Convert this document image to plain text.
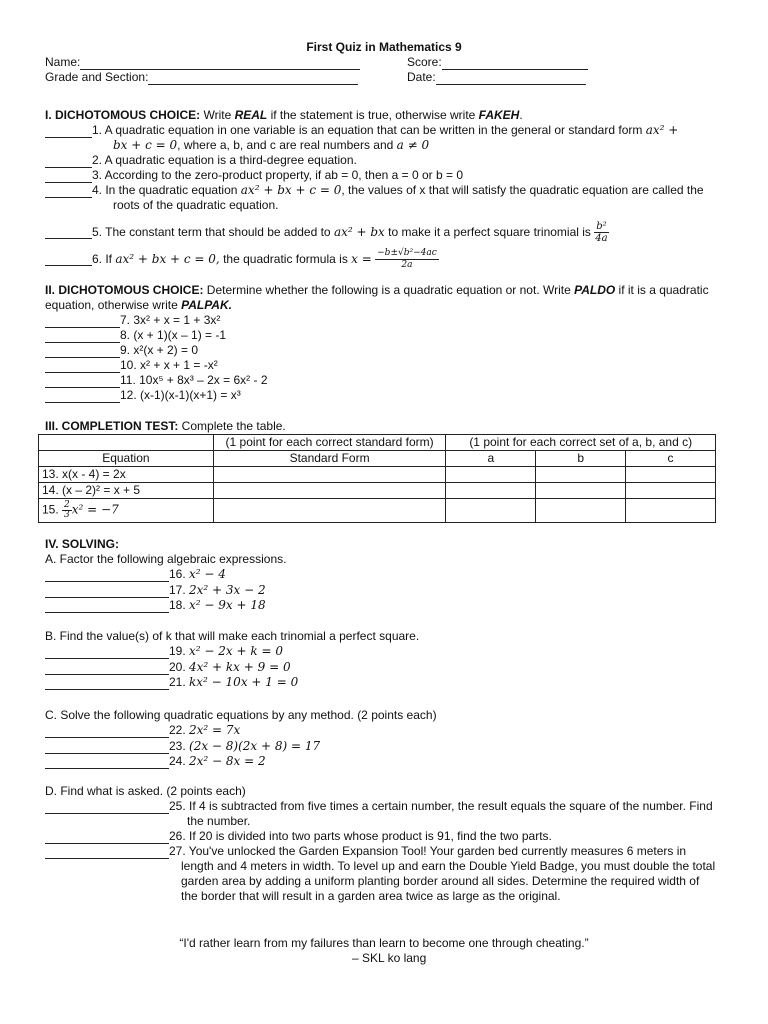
First Quiz in Mathematics 9
Name:	Score:
Grade and Section:	Date:
I. DICHOTOMOUS CHOICE: Write REAL if the statement is true, otherwise write FAKEH.
1. A quadratic equation in one variable is an equation that can be written in the general or standard form ax² +
bx + c = 0, where a, b, and c are real numbers and a ≠ 0
2. A quadratic equation is a third-degree equation.
3. According to the zero-product property, if ab = 0, then a = 0 or b = 0
4. In the quadratic equation ax² + bx + c = 0, the values of x that will satisfy the quadratic equation are called the
roots of the quadratic equation.
5. The constant term that should be added to ax² + bx to make it a perfect square trinomial is $\frac{\text{b²}}{4a}$
6. If ax² + bx + c = 0, the quadratic formula is $x = \frac{\text{−b±√b²−4ac}}{2a}$
II. DICHOTOMOUS CHOICE: Determine whether the following is a quadratic equation or not. Write PALDO if it is a quadratic
equation, otherwise write PALPAK.
7. 3x² + x = 1 + 3x²
8. (x + 1)(x – 1) = -1
9. x²(x + 2) = 0
10. x² + x + 1 = -x²
11. 10x⁵ + 8x³ – 2x = 6x² - 2
12. (x-1)(x-1)(x+1) = x³
III. COMPLETION TEST: Complete the table.
	(1 point for each correct standard form)	(1 point for each correct set of a, b, and c)		
Equation	Standard Form	a	b	c
13. x(x - 4) = 2x				
14. (x – 2)² = x + 5				
15. $\frac{2}{3} x^2 = -7$				
IV. SOLVING:
A. Factor the following algebraic expressions.
16. x² − 4
17. 2x² + 3x − 2
18. x² − 9x + 18
B. Find the value(s) of k that will make each trinomial a perfect square.
19. x² − 2x + k = 0
20. 4x² + kx + 9 = 0
21. kx² − 10x + 1 = 0
C. Solve the following quadratic equations by any method. (2 points each)
22. 2x² = 7x
23. (2x − 8)(2x + 8) = 17
24. 2x² − 8x = 2
D. Find what is asked. (2 points each)
25. If 4 is subtracted from five times a certain number, the result equals the square of the number. Find
the number.
26. If 20 is divided into two parts whose product is 91, find the two parts.
27. You've unlocked the Garden Expansion Tool! Your garden bed currently measures 6 meters in
length and 4 meters in width. To level up and earn the Double Yield Badge, you must double the total
garden area by adding a uniform planting border around all sides. Determine the required width of
the border that will result in a garden area twice as large as the original.
“I'd rather learn from my failures than learn to become one through cheating.”
– SKL ko lang
